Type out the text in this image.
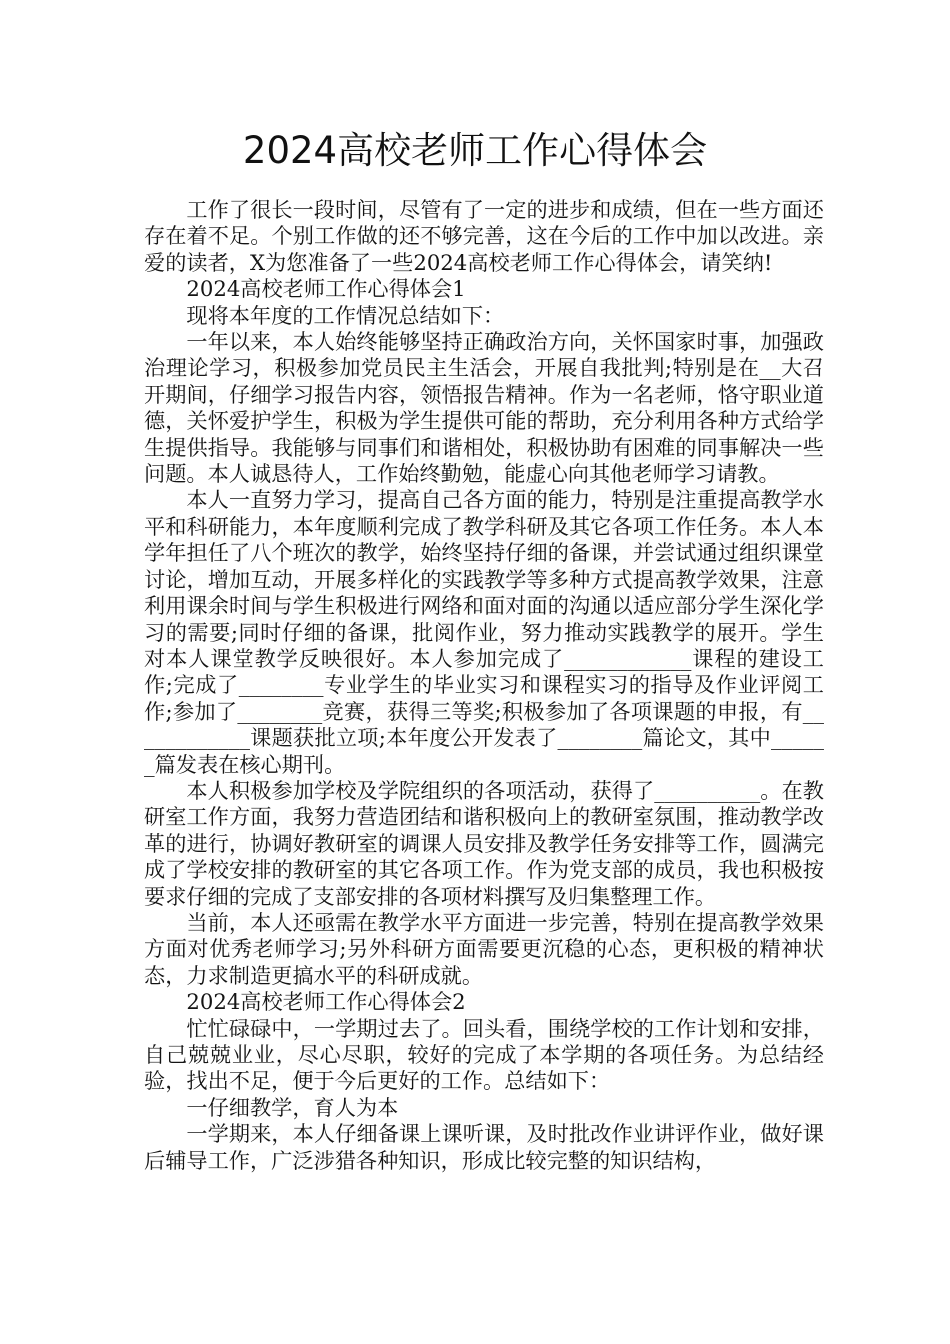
2024高校老师工作心得体会

工作了很长一段时间，尽管有了一定的进步和成绩，但在一些方面还存在着不足。个别工作做的还不够完善，这在今后的工作中加以改进。亲爱的读者，X为您准备了一些2024高校老师工作心得体会，请笑纳!

2024高校老师工作心得体会1

现将本年度的工作情况总结如下：

一年以来，本人始终能够坚持正确政治方向，关怀国家时事，加强政治理论学习，积极参加党员民主生活会，开展自我批判;特别是在__大召开期间，仔细学习报告内容，领悟报告精神。作为一名老师，恪守职业道德，关怀爱护学生，积极为学生提供可能的帮助，充分利用各种方式给学生提供指导。我能够与同事们和谐相处，积极协助有困难的同事解决一些问题。本人诚恳待人，工作始终勤勉，能虚心向其他老师学习请教。

本人一直努力学习，提高自己各方面的能力，特别是注重提高教学水平和科研能力，本年度顺利完成了教学科研及其它各项工作任务。本人本学年担任了八个班次的教学，始终坚持仔细的备课，并尝试通过组织课堂讨论，增加互动，开展多样化的实践教学等多种方式提高教学效果，注意利用课余时间与学生积极进行网络和面对面的沟通以适应部分学生深化学习的需要;同时仔细的备课，批阅作业，努力推动实践教学的展开。学生对本人课堂教学反映很好。本人参加完成了____________课程的建设工作;完成了________专业学生的毕业实习和课程实习的指导及作业评阅工作;参加了________竞赛，获得三等奖;积极参加了各项课题的申报，有____________课题获批立项;本年度公开发表了________篇论文，其中______篇发表在核心期刊。

本人积极参加学校及学院组织的各项活动，获得了__________。在教研室工作方面，我努力营造团结和谐积极向上的教研室氛围，推动教学改革的进行，协调好教研室的调课人员安排及教学任务安排等工作，圆满完成了学校安排的教研室的其它各项工作。作为党支部的成员，我也积极按要求仔细的完成了支部安排的各项材料撰写及归集整理工作。

当前，本人还亟需在教学水平方面进一步完善，特别在提高教学效果方面对优秀老师学习;另外科研方面需要更沉稳的心态，更积极的精神状态，力求制造更搞水平的科研成就。

2024高校老师工作心得体会2

忙忙碌碌中，一学期过去了。回头看，围绕学校的工作计划和安排，自己兢兢业业，尽心尽职，较好的完成了本学期的各项任务。为总结经验，找出不足，便于今后更好的工作。总结如下：

一仔细教学，育人为本

一学期来，本人仔细备课上课听课，及时批改作业讲评作业，做好课后辅导工作，广泛涉猎各种知识，形成比较完整的知识结构，
